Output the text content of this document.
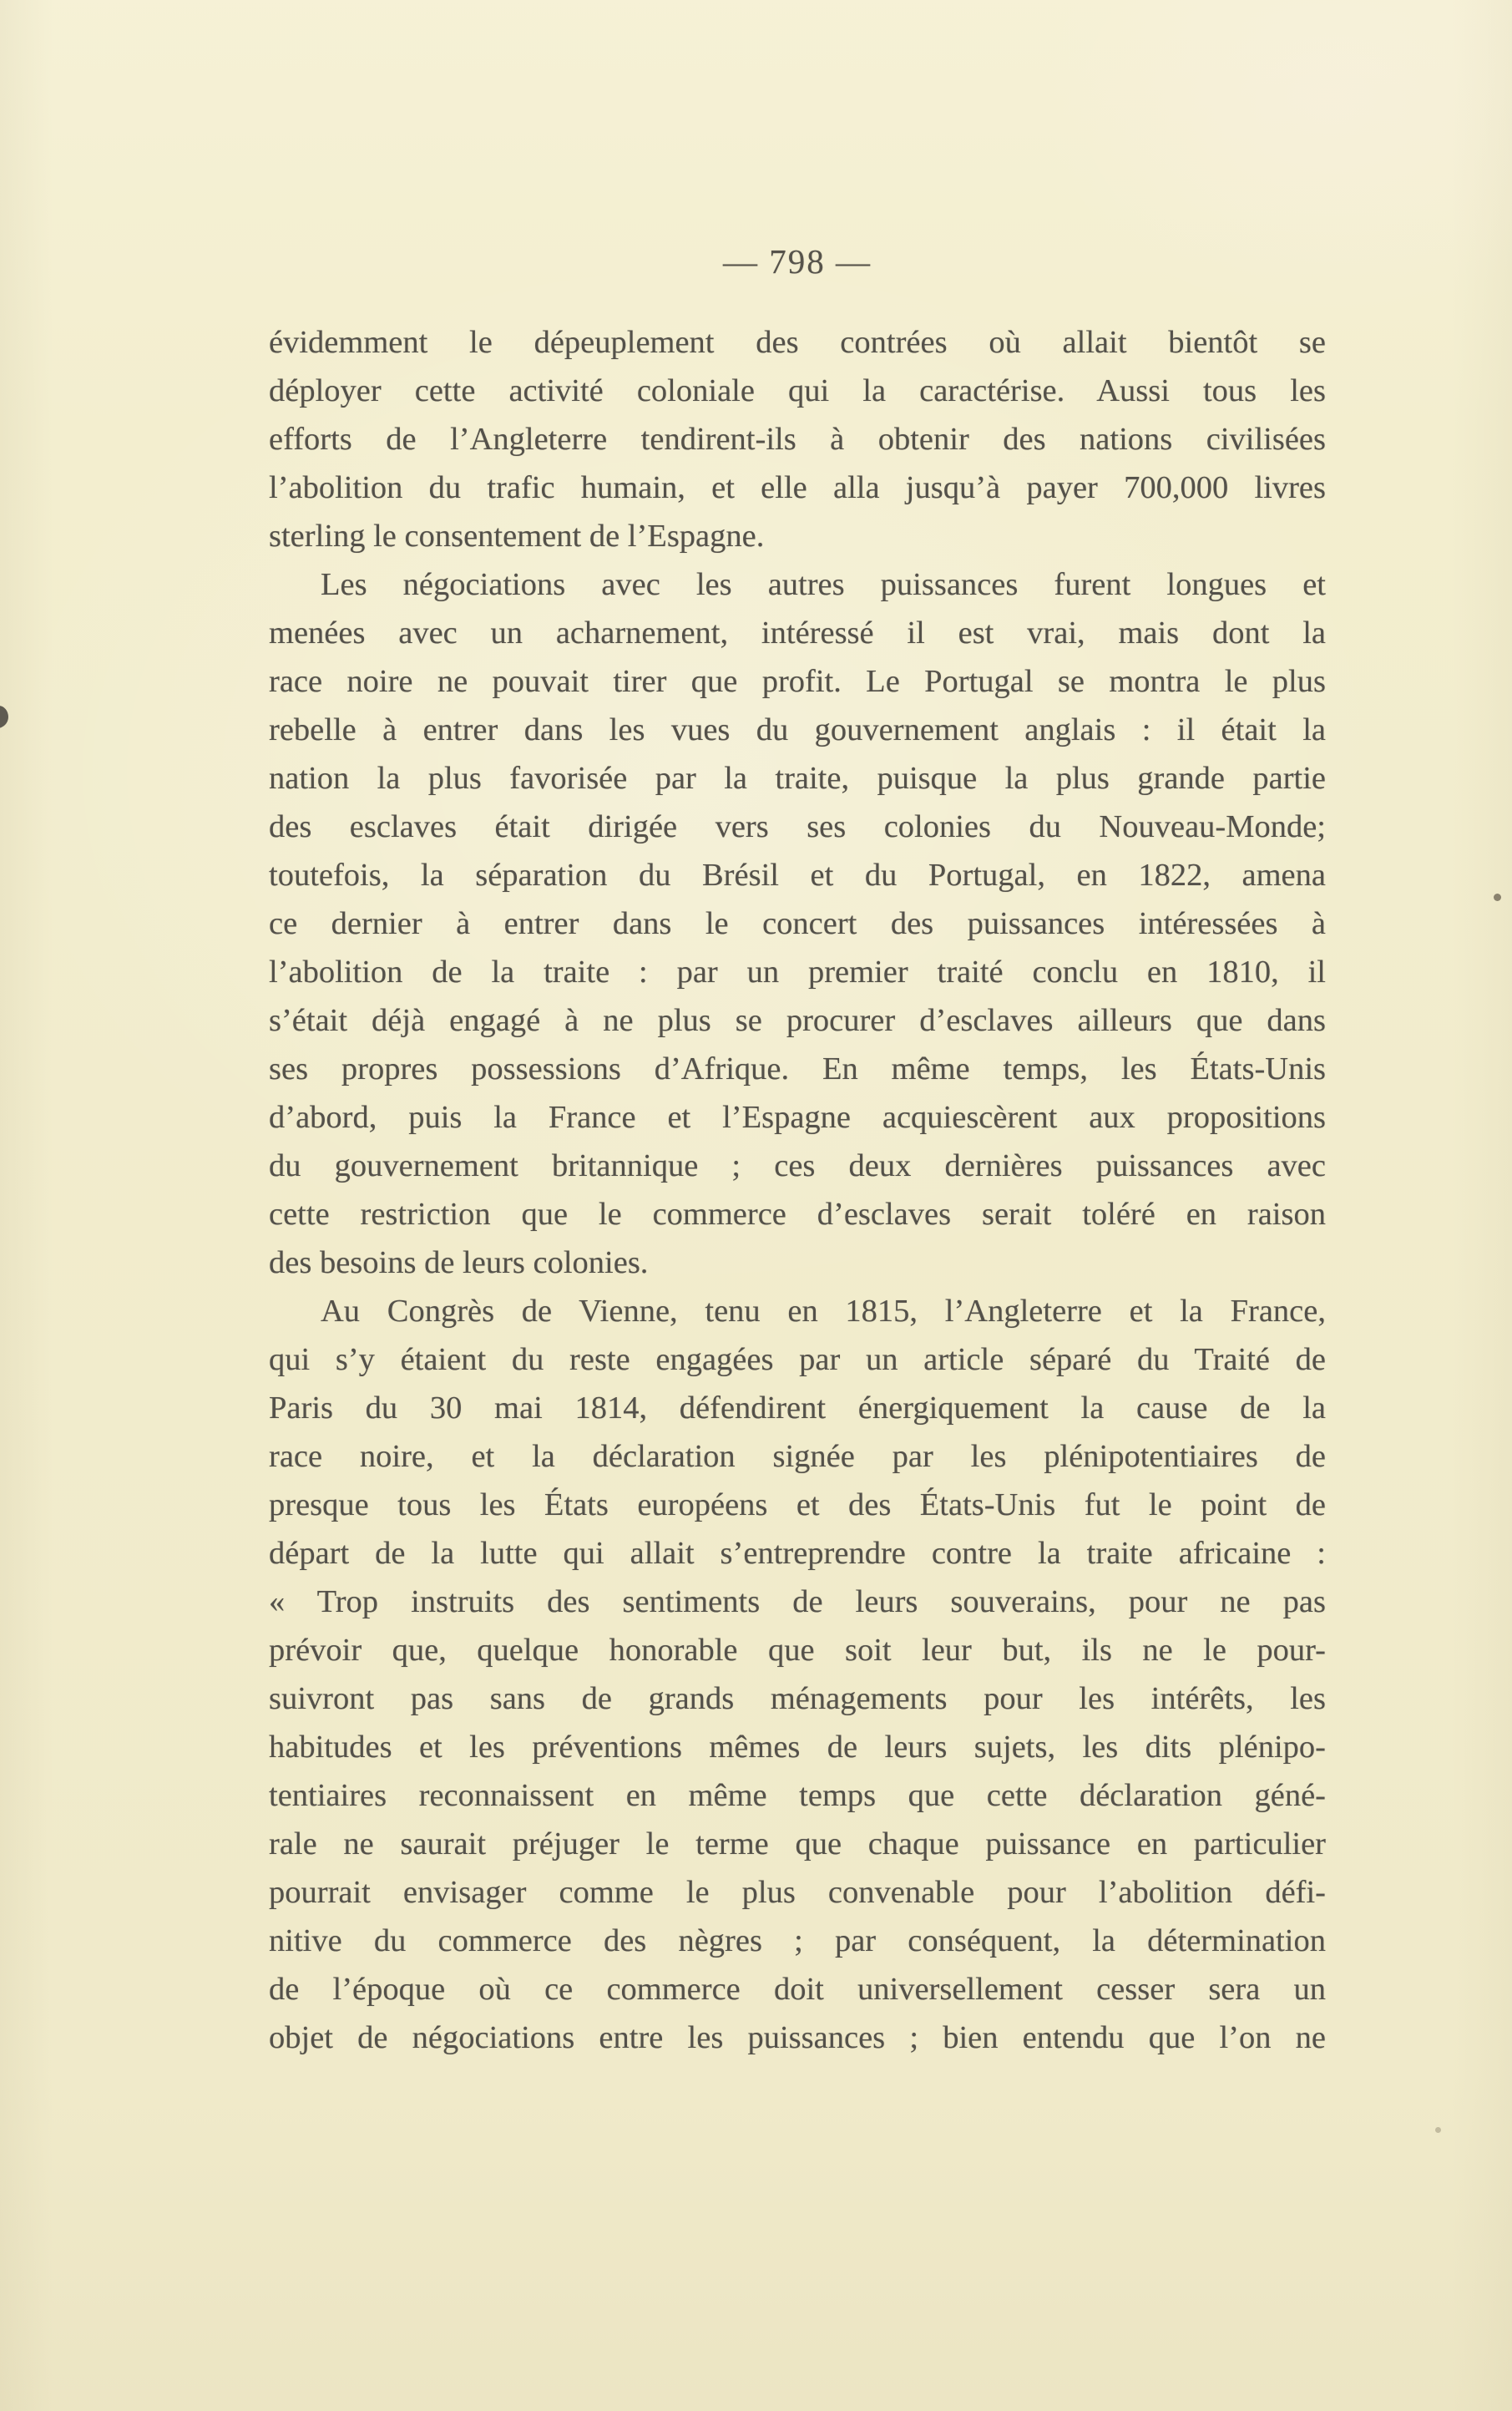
— 798 —
évidemment le dépeuplement des contrées où allait bientôt se
déployer cette activité coloniale qui la caractérise. Aussi tous les
efforts de l’Angleterre tendirent-ils à obtenir des nations civilisées
l’abolition du trafic humain, et elle alla jusqu’à payer 700,000 livres
sterling le consentement de l’Espagne.
Les négociations avec les autres puissances furent longues et
menées avec un acharnement, intéressé il est vrai, mais dont la
race noire ne pouvait tirer que profit. Le Portugal se montra le plus
rebelle à entrer dans les vues du gouvernement anglais : il était la
nation la plus favorisée par la traite, puisque la plus grande partie
des esclaves était dirigée vers ses colonies du Nouveau-Monde;
toutefois, la séparation du Brésil et du Portugal, en 1822, amena
ce dernier à entrer dans le concert des puissances intéressées à
l’abolition de la traite : par un premier traité conclu en 1810, il
s’était déjà engagé à ne plus se procurer d’esclaves ailleurs que dans
ses propres possessions d’Afrique. En même temps, les États-Unis
d’abord, puis la France et l’Espagne acquiescèrent aux propositions
du gouvernement britannique ; ces deux dernières puissances avec
cette restriction que le commerce d’esclaves serait toléré en raison
des besoins de leurs colonies.
Au Congrès de Vienne, tenu en 1815, l’Angleterre et la France,
qui s’y étaient du reste engagées par un article séparé du Traité de
Paris du 30 mai 1814, défendirent énergiquement la cause de la
race noire, et la déclaration signée par les plénipotentiaires de
presque tous les États européens et des États-Unis fut le point de
départ de la lutte qui allait s’entreprendre contre la traite africaine :
« Trop instruits des sentiments de leurs souverains, pour ne pas
prévoir que, quelque honorable que soit leur but, ils ne le pour-
suivront pas sans de grands ménagements pour les intérêts, les
habitudes et les préventions mêmes de leurs sujets, les dits plénipo-
tentiaires reconnaissent en même temps que cette déclaration géné-
rale ne saurait préjuger le terme que chaque puissance en particulier
pourrait envisager comme le plus convenable pour l’abolition défi-
nitive du commerce des nègres ; par conséquent, la détermination
de l’époque où ce commerce doit universellement cesser sera un
objet de négociations entre les puissances ; bien entendu que l’on ne
